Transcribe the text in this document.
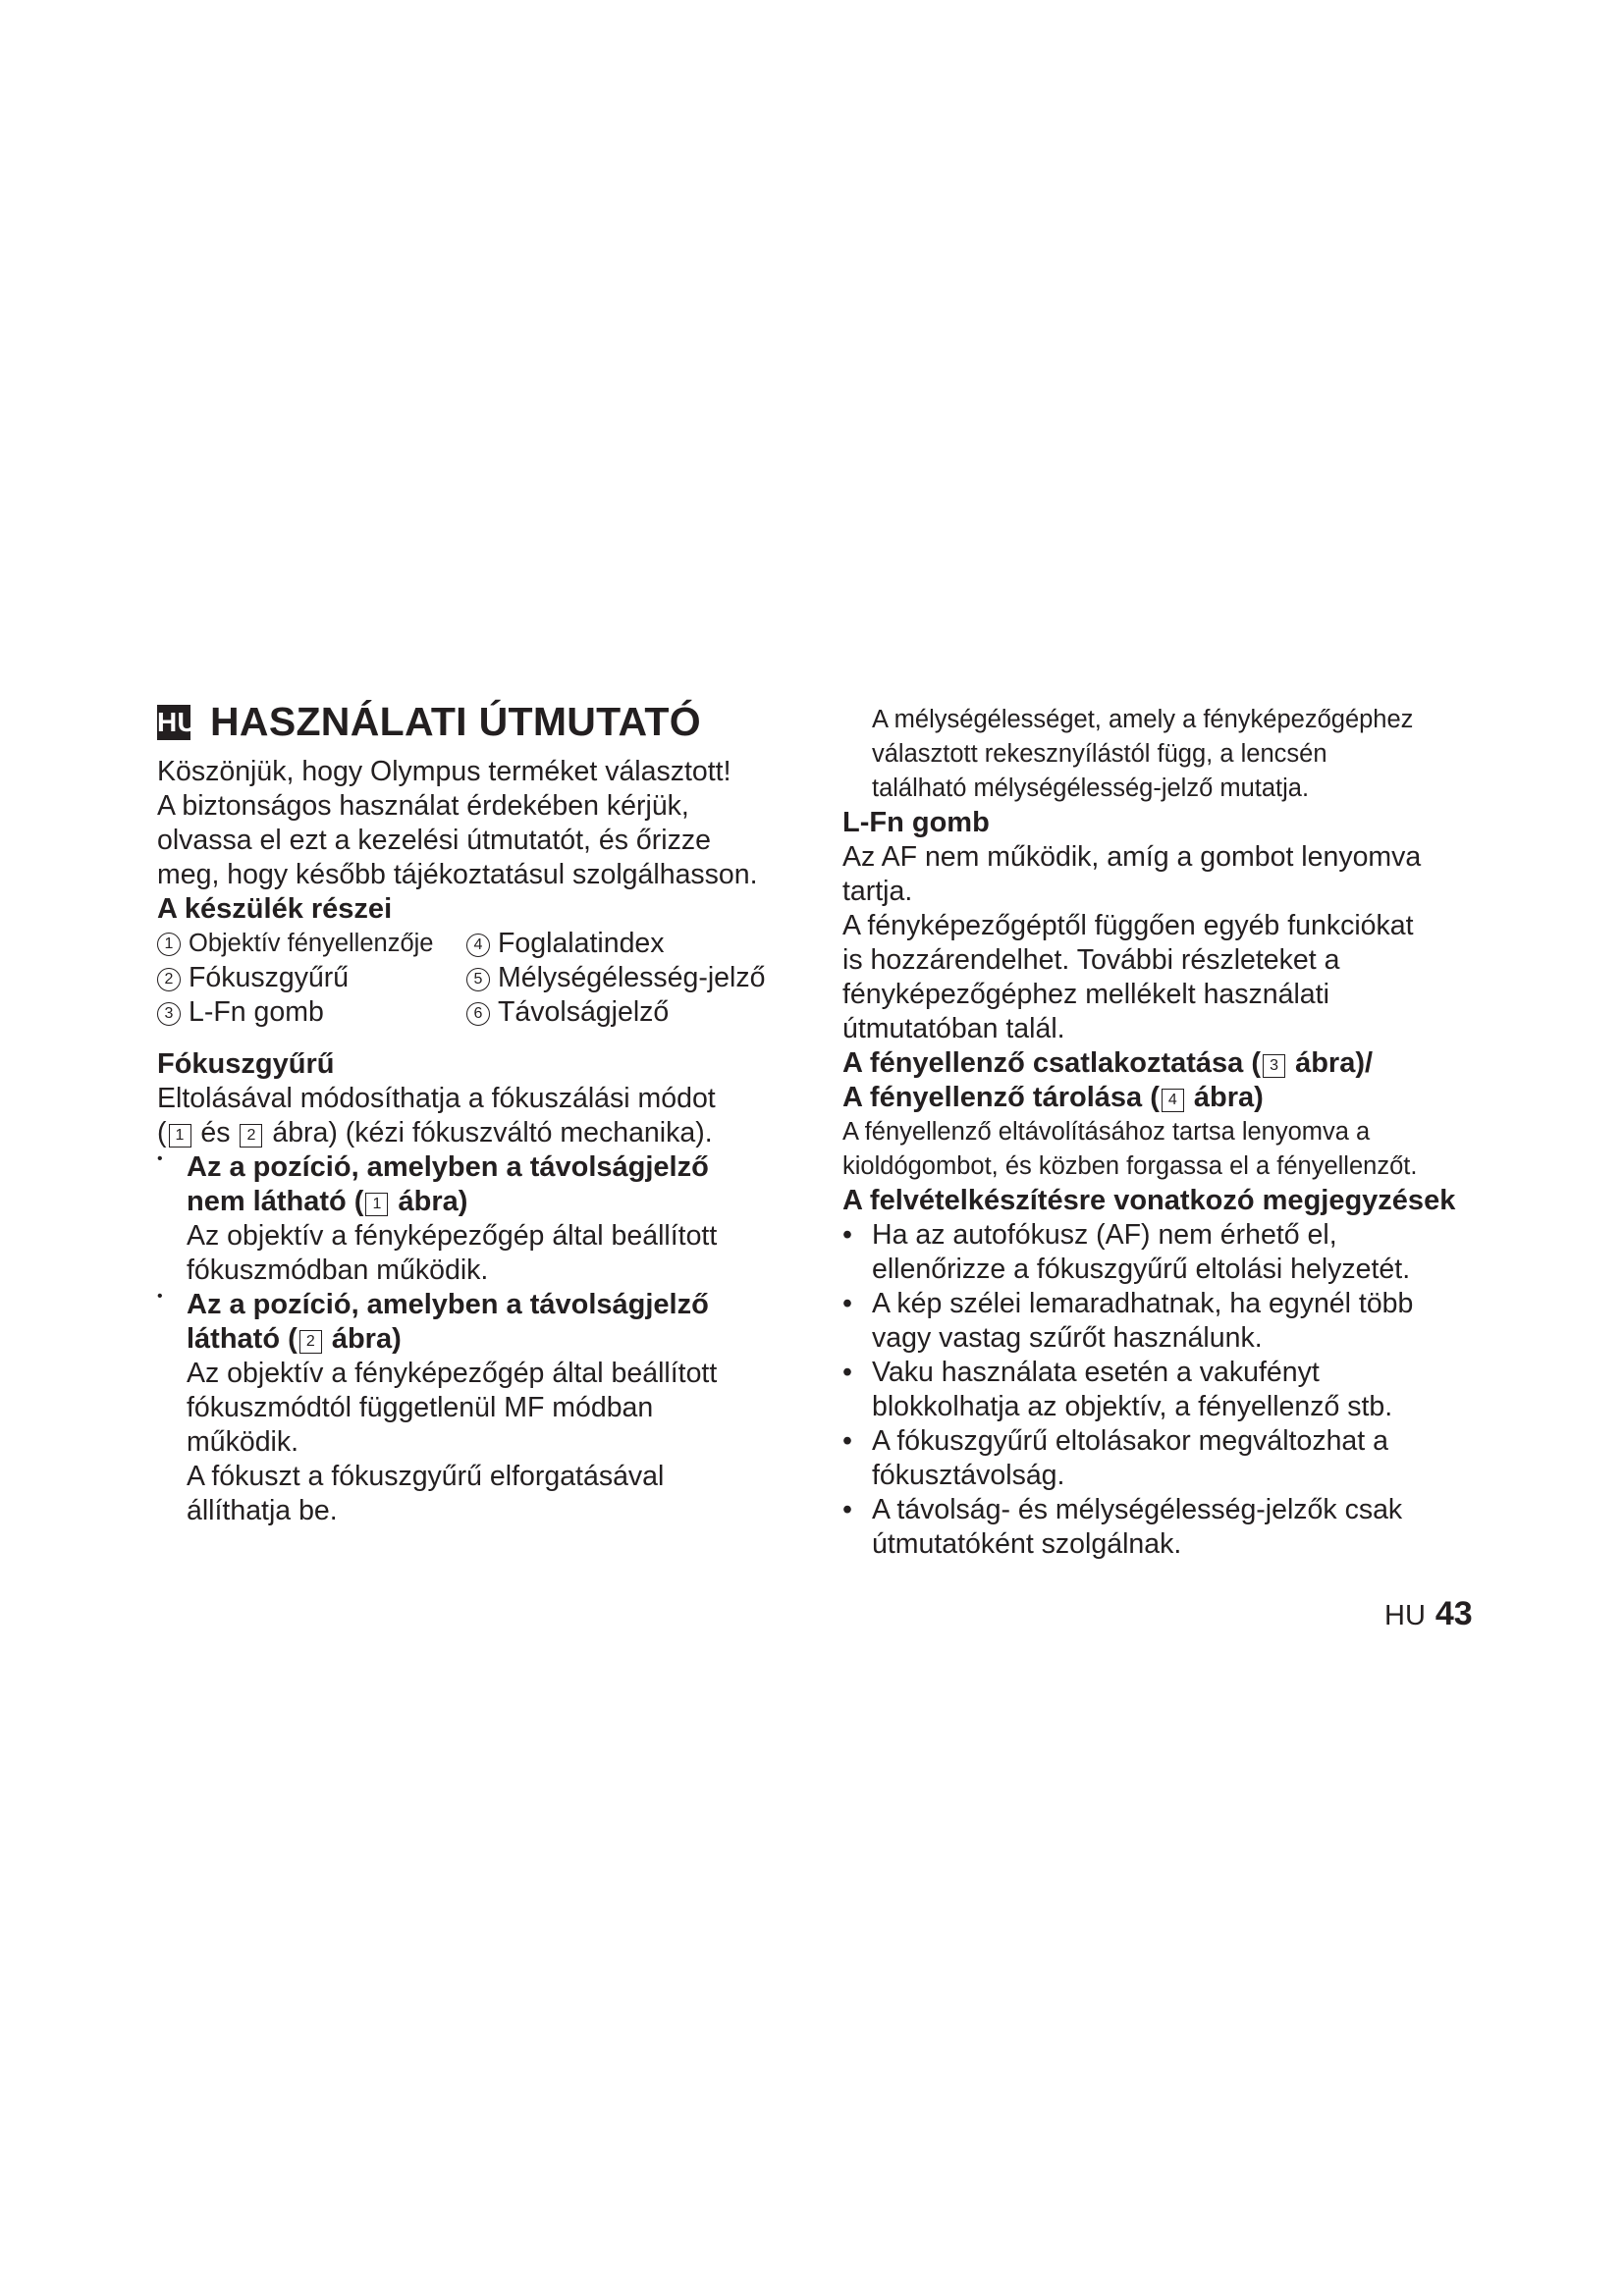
HU HASZNÁLATI ÚTMUTATÓ
Köszönjük, hogy Olympus terméket választott!
A biztonságos használat érdekében kérjük,
olvassa el ezt a kezelési útmutatót, és őrizze
meg, hogy később tájékoztatásul szolgálhasson.
A készülék részei
1 Objektív fényellenzője	4 Foglalatindex
2 Fókuszgyűrű	5 Mélységélesség-jelző
3 L-Fn gomb	6 Távolságjelző
Fókuszgyűrű
Eltolásával módosíthatja a fókuszálási módot
( 1 és 2 ábra) (kézi fókuszváltó mechanika).
• Az a pozíció, amelyben a távolságjelző
nem látható ( 1 ábra)
Az objektív a fényképezőgép által beállított
fókuszmódban működik.
• Az a pozíció, amelyben a távolságjelző
látható ( 2 ábra)
Az objektív a fényképezőgép által beállított
fókuszmódtól függetlenül MF módban
működik.
A fókuszt a fókuszgyűrű elforgatásával
állíthatja be.
A mélységélességet, amely a fényképezőgéphez
választott rekesznyílástól függ, a lencsén
található mélységélesség-jelző mutatja.
L-Fn gomb
Az AF nem működik, amíg a gombot lenyomva
tartja.
A fényképezőgéptől függően egyéb funkciókat
is hozzárendelhet. További részleteket a
fényképezőgéphez mellékelt használati
útmutatóban talál.
A fényellenző csatlakoztatása ( 3 ábra)/
A fényellenző tárolása ( 4 ábra)
A fényellenző eltávolításához tartsa lenyomva a
kioldógombot, és közben forgassa el a fényellenzőt.
A felvételkészítésre vonatkozó megjegyzések
• Ha az autofókusz (AF) nem érhető el,
ellenőrizze a fókuszgyűrű eltolási helyzetét.
• A kép szélei lemaradhatnak, ha egynél több
vagy vastag szűrőt használunk.
• Vaku használata esetén a vakufényt
blokkolhatja az objektív, a fényellenző stb.
• A fókuszgyűrű eltolásakor megváltozhat a
fókusztávolság.
• A távolság- és mélységélesség-jelzők csak
útmutatóként szolgálnak.
HU 43
